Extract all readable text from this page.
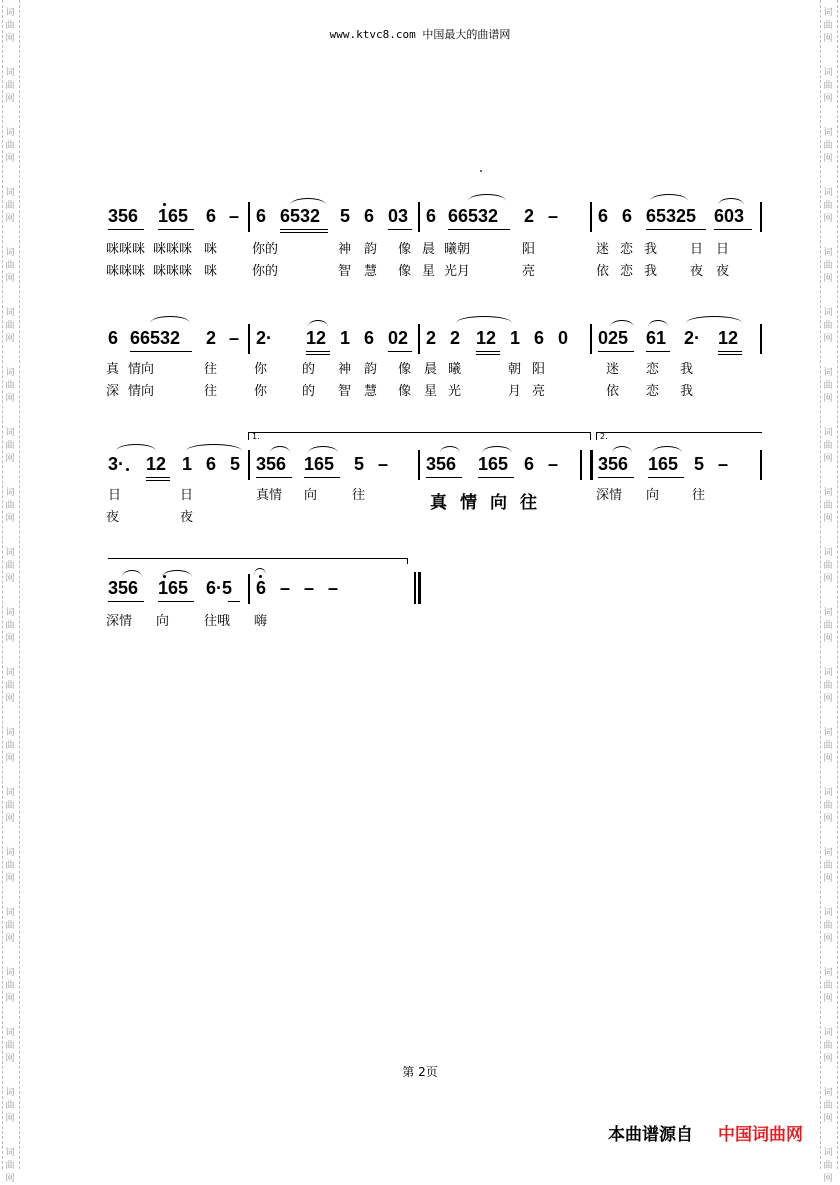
词
曲
网
词
曲
网
词
曲
网
词
曲
网
词
曲
网
词
曲
网
词
曲
网
词
曲
网
词
曲
网
词
曲
网
词
曲
网
词
曲
网
词
曲
网
词
曲
网
词
曲
网
词
曲
网
词
曲
网
词
曲
网
词
曲
网
词
曲
网
词
曲
网
词
曲
网
词
曲
网
词
曲
网
词
曲
网
词
曲
网
词
曲
网
词
曲
网
词
曲
网
词
曲
网
词
曲
网
词
曲
网
词
曲
网
词
曲
网
词
曲
网
词
曲
网
词
曲
网
词
曲
网
词
曲
网
词
曲
网
www.ktvc8.com 中国最大的曲谱网
356 165 6 – 6 6532 5 6 03 6 66532 2 – 6 6 65325 603
咪咪咪 咪咪咪 咪	你的	神 韵 像 晨 曦朝	阳	迷 恋 我	日 日
咪咪咪 咪咪咪 咪	你的	智 慧 像 星 光月	亮	依 恋 我	夜 夜
6 66532 2 – 2· 12 1 6 02 2 2 12 1 6 0 025 61 2· 12
真 情向	往	你	的 神 韵 像 晨 曦	朝 阳	迷 恋 我
深 情向	往	你	的 智 慧 像 星 光	月 亮	依 恋 我
1.	2.
3· 12 1 6 5 356 165 5 – 356 165 6 – 356 165 5 –
日	日	真情 向	往	真情向往	深情 向	往
夜	夜
356 165 6·5 6 – – –
深情 向	往哦 嗨
第 2页
本曲谱源自 中国词曲网
